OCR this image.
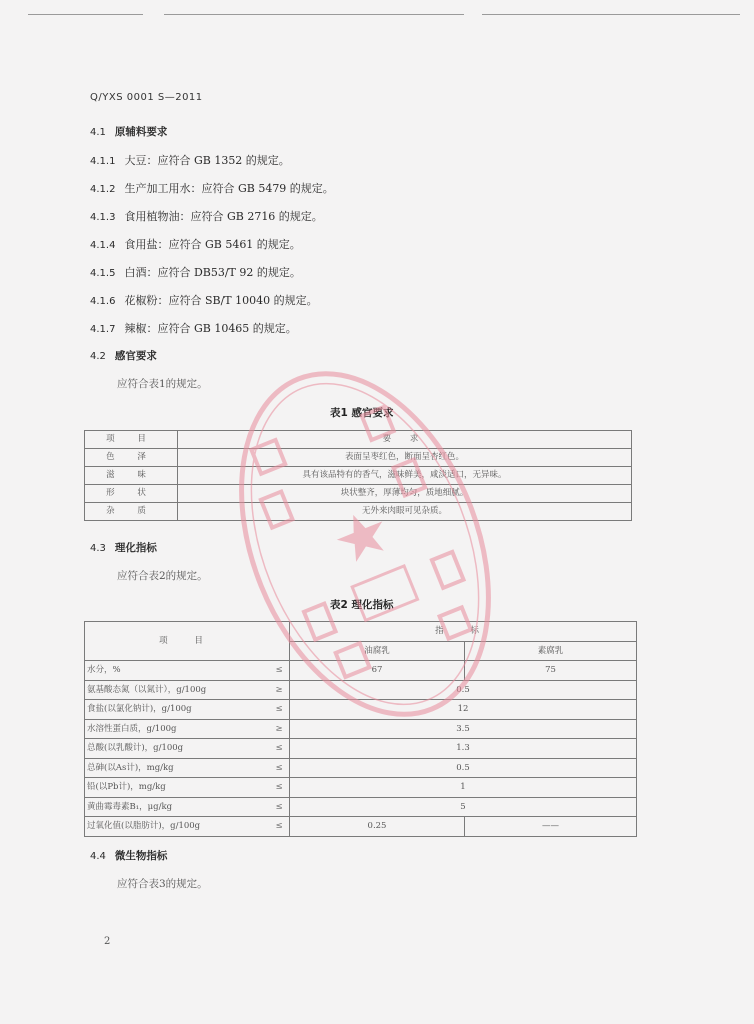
Q/YXS 0001 S—2011
4.1 原辅料要求
4.1.1 大豆：应符合 GB 1352 的规定。
4.1.2 生产加工用水：应符合 GB 5479 的规定。
4.1.3 食用植物油：应符合 GB 2716 的规定。
4.1.4 食用盐：应符合 GB 5461 的规定。
4.1.5 白酒：应符合 DB53/T 92 的规定。
4.1.6 花椒粉：应符合 SB/T 10040 的规定。
4.1.7 辣椒：应符合 GB 10465 的规定。
4.2 感官要求
应符合表1的规定。
表1 感官要求
项 目	要 求
色 泽	表面呈枣红色，断面呈杏红色。
滋 味	具有该品特有的香气，滋味鲜美，咸淡适口，无异味。
形 状	块状整齐，厚薄均匀，质地细腻。
杂 质	无外来肉眼可见杂质。
4.3 理化指标
应符合表2的规定。
表2 理化指标
项 目		指 标	
		油腐乳	素腐乳
水分，%	≤	67	75
氨基酸态氮（以氮计），g/100g	≥	0.5	
食盐(以氯化钠计)，g/100g	≤	12	
水溶性蛋白质，g/100g	≥	3.5	
总酸(以乳酸计)，g/100g	≤	1.3	
总砷(以As计)，mg/kg	≤	0.5	
铅(以Pb计)，mg/kg	≤	1	
黄曲霉毒素B₁，μg/kg	≤	5	
过氧化值(以脂肪计)，g/100g	≤	0.25	——
4.4 微生物指标
应符合表3的规定。
2
